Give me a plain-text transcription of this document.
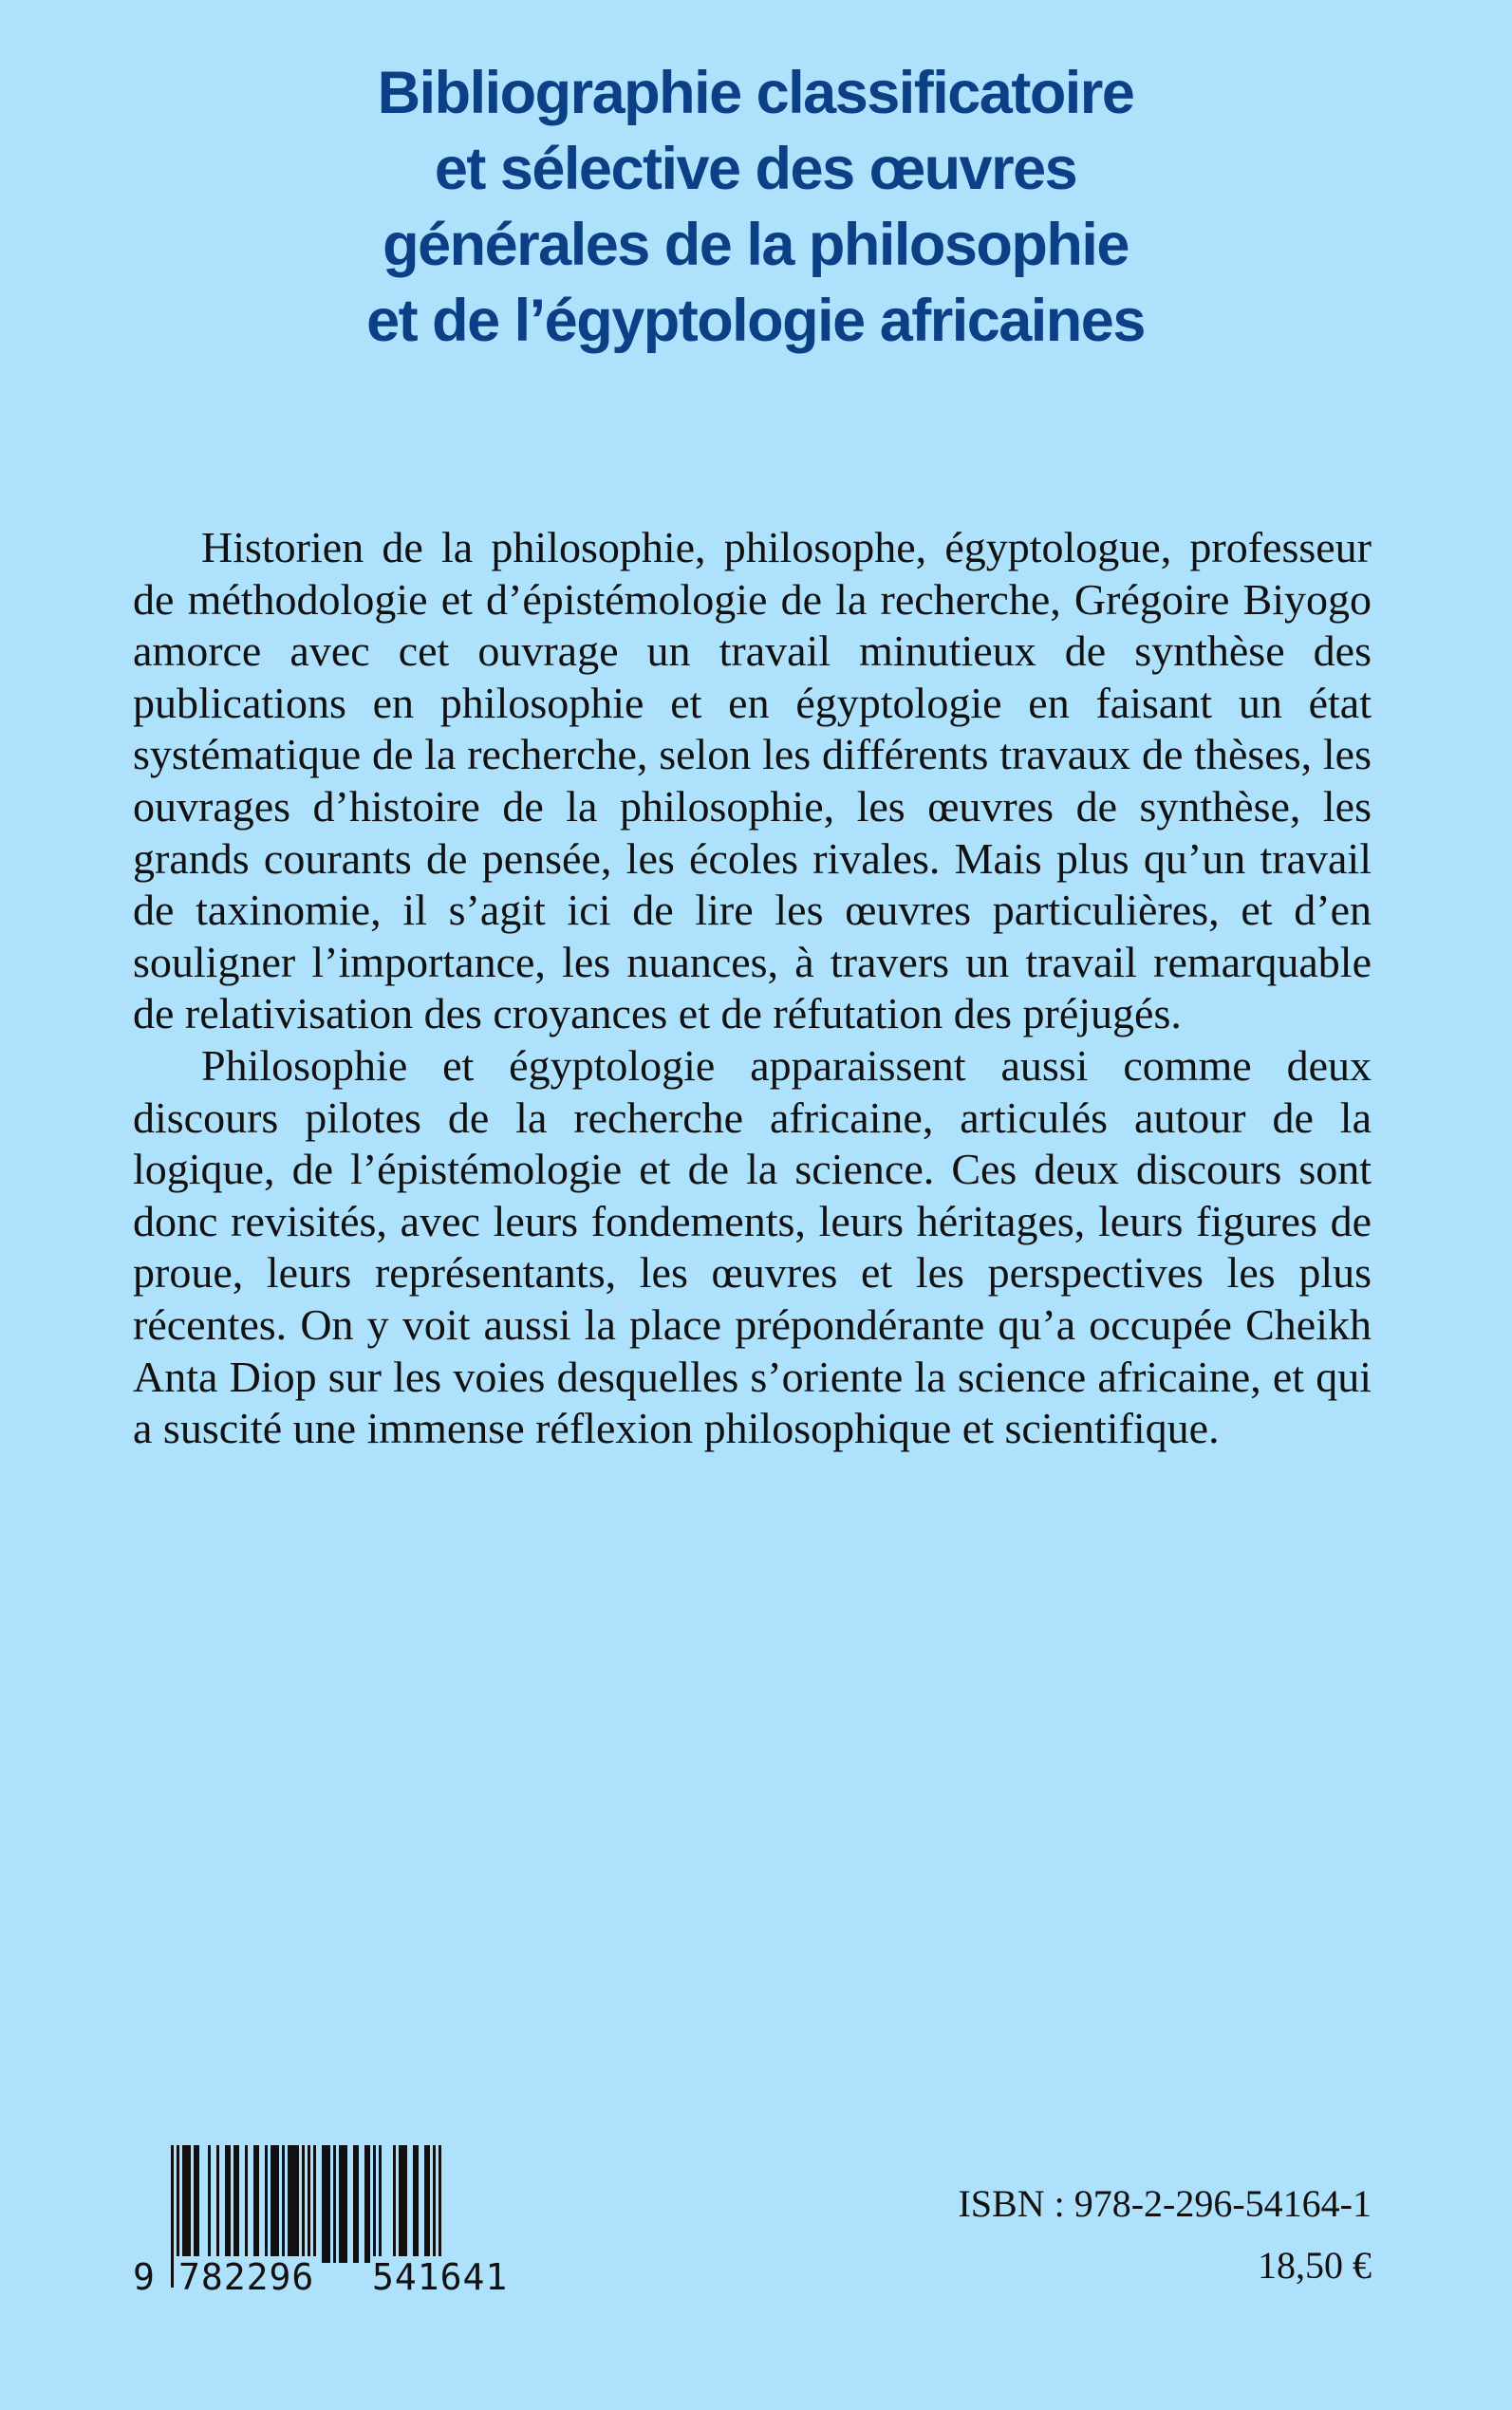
Bibliographie classificatoire
et sélective des œuvres
générales de la philosophie
et de l’égyptologie africaines

Historien de la philosophie, philosophe, égyptologue, professeur de méthodologie et d’épistémologie de la recherche, Grégoire Biyogo amorce avec cet ouvrage un travail minutieux de synthèse des publications en philosophie et en égyptologie en faisant un état systématique de la recherche, selon les différents travaux de thèses, les ouvrages d’histoire de la philosophie, les œuvres de synthèse, les grands courants de pensée, les écoles rivales. Mais plus qu’un travail de taxinomie, il s’agit ici de lire les œuvres particulières, et d’en souligner l’importance, les nuances, à travers un travail remarquable de relativisation des croyances et de réfutation des préjugés.

Philosophie et égyptologie apparaissent aussi comme deux discours pilotes de la recherche africaine, articulés autour de la logique, de l’épistémologie et de la science. Ces deux discours sont donc revisités, avec leurs fondements, leurs héritages, leurs figures de proue, leurs représentants, les œuvres et les perspectives les plus récentes. On y voit aussi la place prépondérante qu’a occupée Cheikh Anta Diop sur les voies desquelles s’oriente la science africaine, et qui a suscité une immense réflexion philosophique et scientifique.

9 782296 541641
ISBN : 978-2-296-54164-1
18,50 €
